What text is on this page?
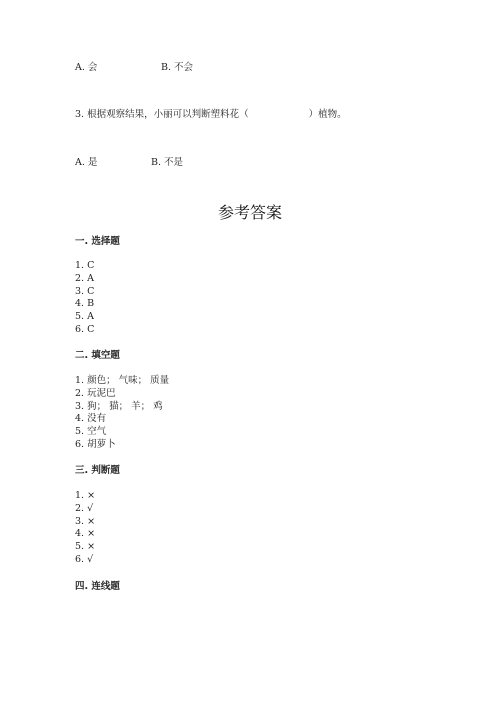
A. 会	B. 不会
3. 根据观察结果，小丽可以判断塑料花（	）植物。
A. 是	B. 不是
参考答案
一. 选择题
1. C
2. A
3. C
4. B
5. A
6. C
二. 填空题
1. 颜色； 气味； 质量
2. 玩泥巴
3. 狗； 猫； 羊； 鸡
4. 没有
5. 空气
6. 胡萝卜
三. 判断题
1. ×
2. √
3. ×
4. ×
5. ×
6. √
四. 连线题
